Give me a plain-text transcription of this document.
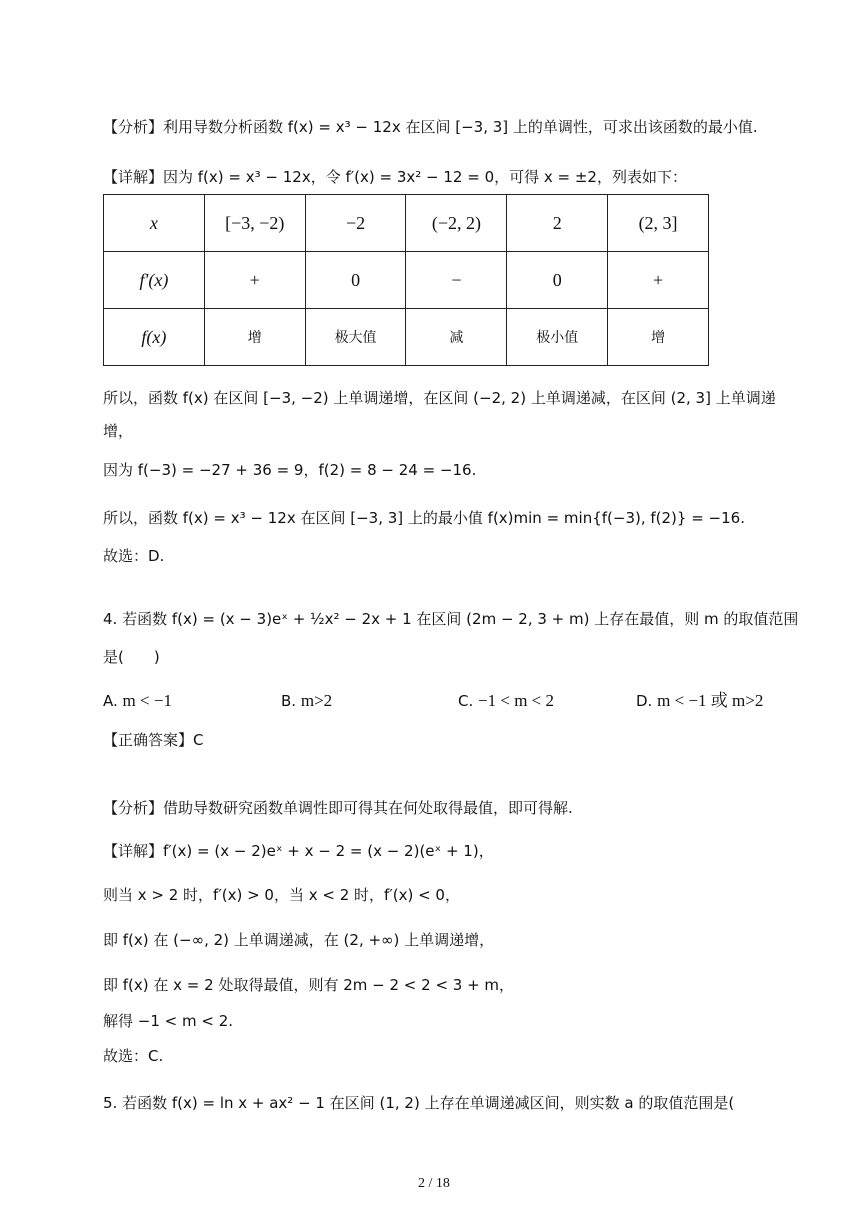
【分析】利用导数分析函数 f(x) = x³ − 12x 在区间 [−3, 3] 上的单调性，可求出该函数的最小值.
【详解】因为 f(x) = x³ − 12x，令 f′(x) = 3x² − 12 = 0，可得 x = ±2，列表如下：
x	[−3, −2)	−2	(−2, 2)	2	(2, 3]
f′(x)	+	0	−	0	+
f(x)	增	极大值	减	极小值	增
所以，函数 f(x) 在区间 [−3, −2) 上单调递增，在区间 (−2, 2) 上单调递减，在区间 (2, 3] 上单调递
增，
因为 f(−3) = −27 + 36 = 9，f(2) = 8 − 24 = −16.
所以，函数 f(x) = x³ − 12x 在区间 [−3, 3] 上的最小值 f(x)min = min{f(−3), f(2)} = −16.
故选：D.
4. 若函数 f(x) = (x − 3)eˣ + ½x² − 2x + 1 在区间 (2m − 2, 3 + m) 上存在最值，则 m 的取值范围
是(　　)
A. m < −1	B. m>2	C. −1 < m < 2	D. m < −1 或 m>2
【正确答案】C
【分析】借助导数研究函数单调性即可得其在何处取得最值，即可得解.
【详解】f′(x) = (x − 2)eˣ + x − 2 = (x − 2)(eˣ + 1)，
则当 x > 2 时，f′(x) > 0，当 x < 2 时，f′(x) < 0，
即 f(x) 在 (−∞, 2) 上单调递减，在 (2, +∞) 上单调递增，
即 f(x) 在 x = 2 处取得最值，则有 2m − 2 < 2 < 3 + m，
解得 −1 < m < 2.
故选：C.
5. 若函数 f(x) = ln x + ax² − 1 在区间 (1, 2) 上存在单调递减区间，则实数 a 的取值范围是(
2 / 18
